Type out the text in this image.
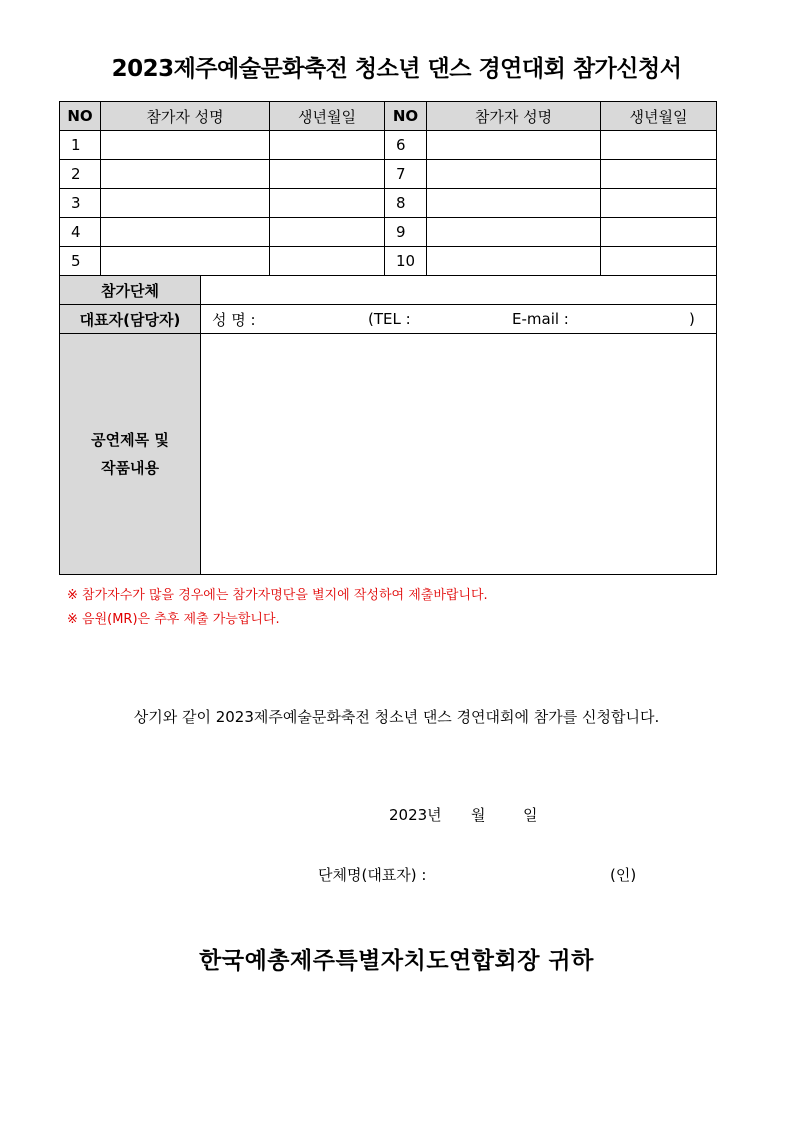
2023제주예술문화축전 청소년 댄스 경연대회 참가신청서
NO	참가자 성명		생년월일	NO	참가자 성명	생년월일
1				6		
2				7		
3				8		
4				9		
5				10		
참가단체						
대표자(담당자)		성 명 : (TEL : E-mail : )				

공연제목 및
작품내용						

※ 참가자수가 많을 경우에는 참가자명단을 별지에 작성하여 제출바랍니다.
※ 음원(MR)은 추후 제출 가능합니다.
상기와 같이 2023제주예술문화축전 청소년 댄스 경연대회에 참가를 신청합니다.
2023년 월	일
단체명(대표자) :	(인)
한국예총제주특별자치도연합회장 귀하
